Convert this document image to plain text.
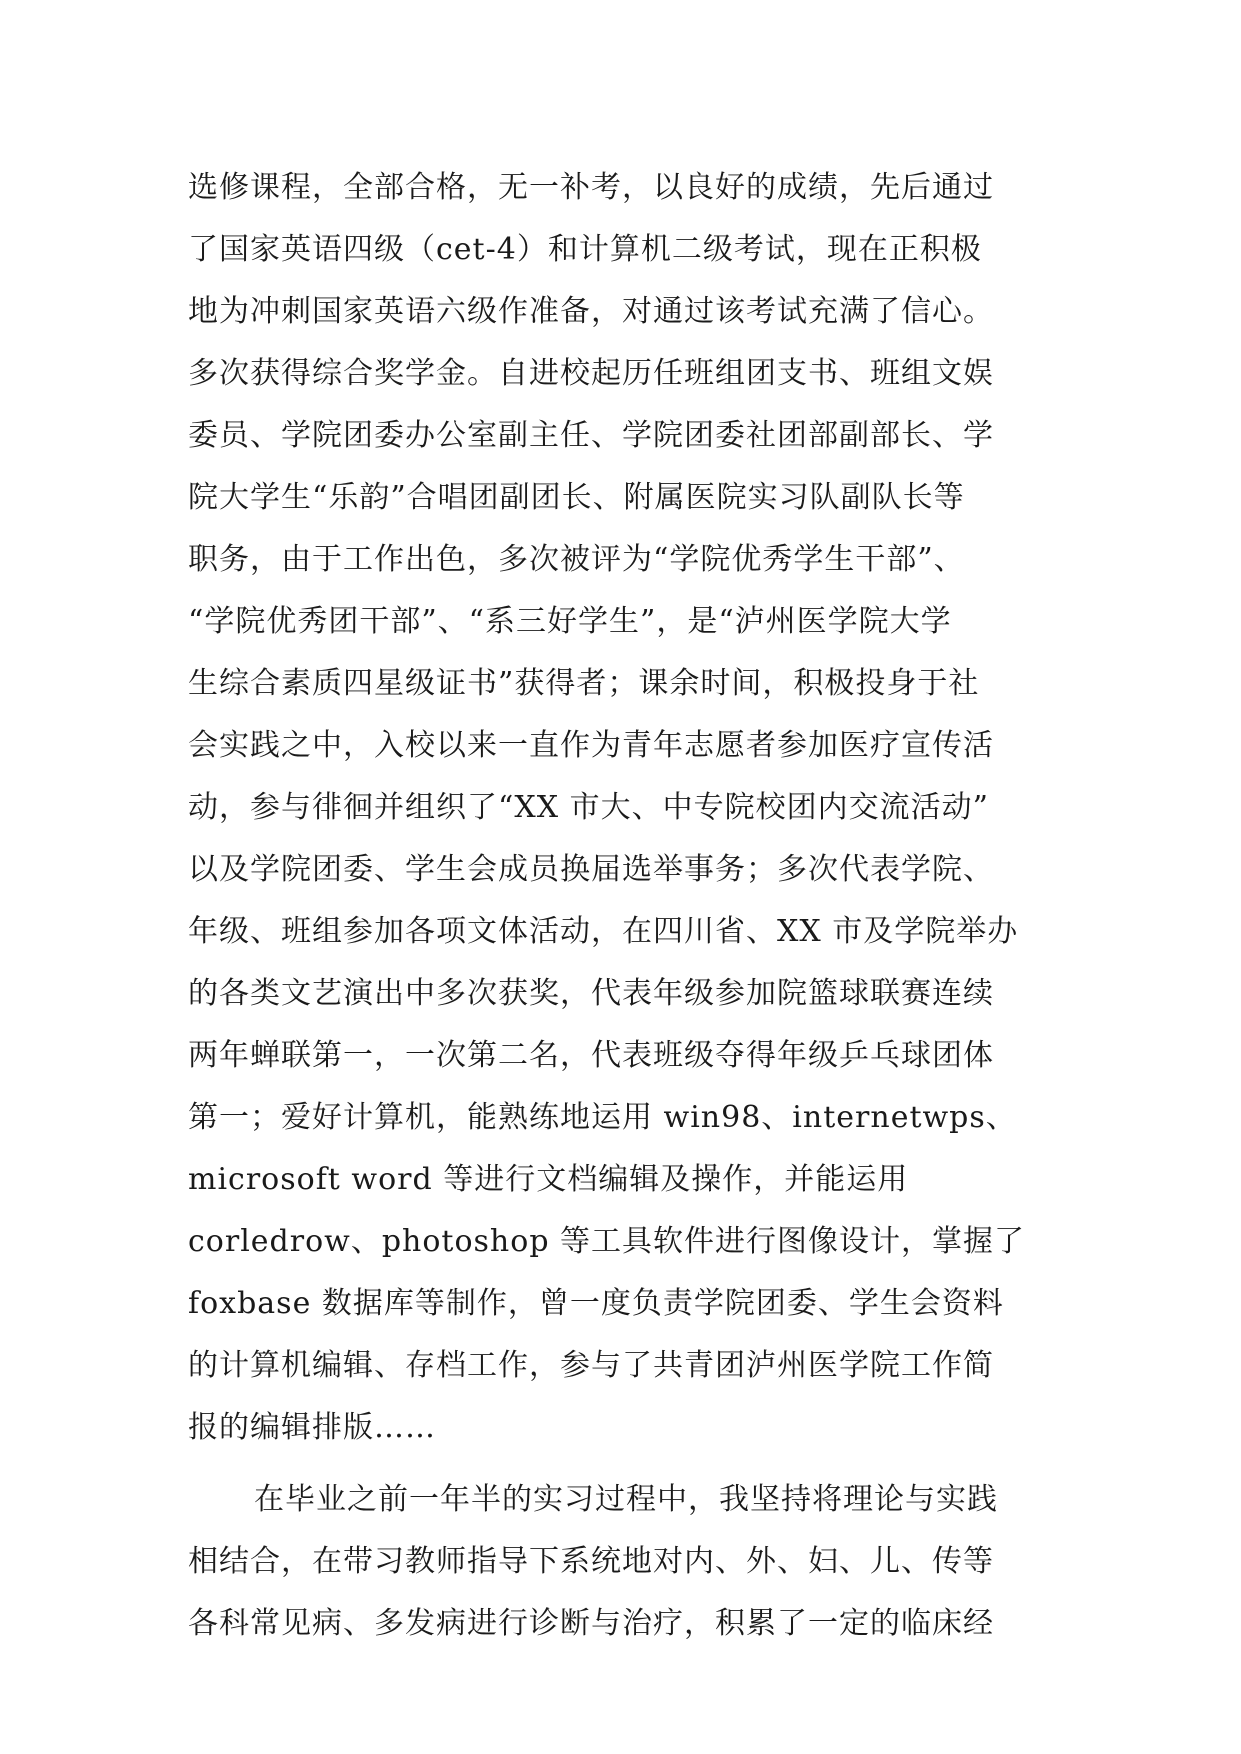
选修课程，全部合格，无一补考，以良好的成绩，先后通过
了国家英语四级（cet-4）和计算机二级考试，现在正积极
地为冲刺国家英语六级作准备，对通过该考试充满了信心。
多次获得综合奖学金。自进校起历任班组团支书、班组文娱
委员、学院团委办公室副主任、学院团委社团部副部长、学
院大学生“乐韵”合唱团副团长、附属医院实习队副队长等
职务，由于工作出色，多次被评为“学院优秀学生干部”、
“学院优秀团干部”、“系三好学生”，是“泸州医学院大学
生综合素质四星级证书”获得者；课余时间，积极投身于社
会实践之中，入校以来一直作为青年志愿者参加医疗宣传活
动，参与徘徊并组织了“XX 市大、中专院校团内交流活动”
以及学院团委、学生会成员换届选举事务；多次代表学院、
年级、班组参加各项文体活动，在四川省、XX 市及学院举办
的各类文艺演出中多次获奖，代表年级参加院篮球联赛连续
两年蝉联第一，一次第二名，代表班级夺得年级乒乓球团体
第一；爱好计算机，能熟练地运用 win98、internetwps、
microsoft word 等进行文档编辑及操作，并能运用
corledrow、photoshop 等工具软件进行图像设计，掌握了
foxbase 数据库等制作，曾一度负责学院团委、学生会资料
的计算机编辑、存档工作，参与了共青团泸州医学院工作简
报的编辑排版……
在毕业之前一年半的实习过程中，我坚持将理论与实践
相结合，在带习教师指导下系统地对内、外、妇、儿、传等
各科常见病、多发病进行诊断与治疗，积累了一定的临床经
